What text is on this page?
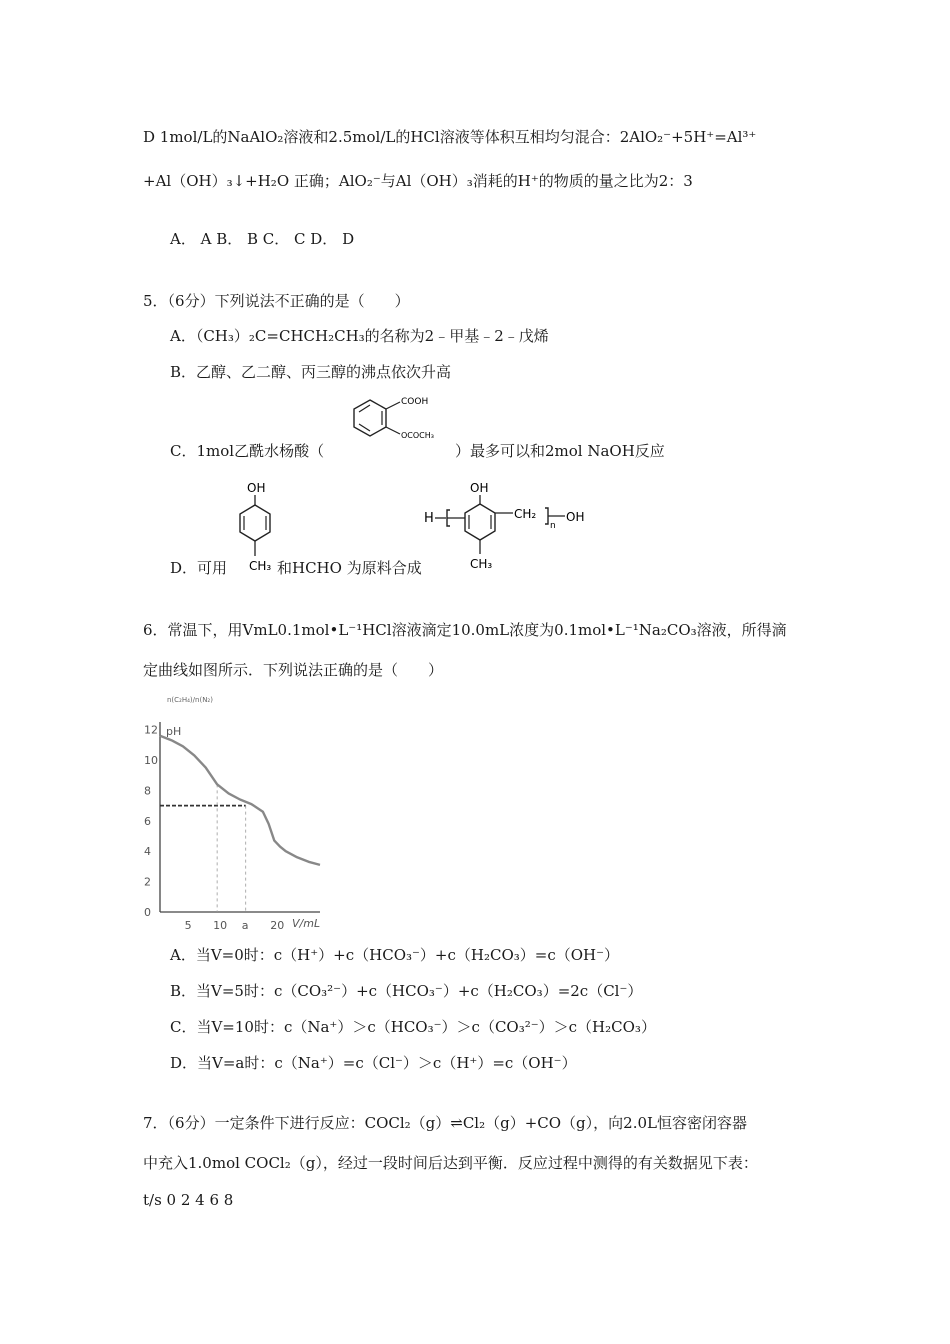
D 1mol/L的NaAlO₂溶液和2.5mol/L的HCl溶液等体积互相均匀混合：2AlO₂⁻+5H⁺=Al³⁺
+Al（OH）₃↓+H₂O 正确；AlO₂⁻与Al（OH）₃消耗的H⁺的物质的量之比为2：3
A． A B． B C． C D． D
5．（6分）下列说法不正确的是（　　）
A．（CH₃）₂C=CHCH₂CH₃的名称为2﹣甲基﹣2﹣戊烯
B．乙醇、乙二醇、丙三醇的沸点依次升高
C．1mol乙酰水杨酸（
COOH
OCOCH₃
）最多可以和2mol NaOH反应
D．可用
OH
CH₃ 和HCHO 为原料合成
H
OH
CH₂
n
OH
CH₃
6．常温下，用VmL0.1mol•L⁻¹HCl溶液滴定10.0mL浓度为0.1mol•L⁻¹Na₂CO₃溶液，所得滴
定曲线如图所示．下列说法正确的是（　　）
n(C₂H₄)/n(N₂)
pH
V/mL
12
10
8
6
4
2
0
5 10 a 20
A．当V=0时：c（H⁺）+c（HCO₃⁻）+c（H₂CO₃）=c（OH⁻）
B．当V=5时：c（CO₃²⁻）+c（HCO₃⁻）+c（H₂CO₃）=2c（Cl⁻）
C．当V=10时：c（Na⁺）＞c（HCO₃⁻）＞c（CO₃²⁻）＞c（H₂CO₃）
D．当V=a时：c（Na⁺）=c（Cl⁻）＞c（H⁺）=c（OH⁻）
7．（6分）一定条件下进行反应：COCl₂（g）⇌Cl₂（g）+CO（g），向2.0L恒容密闭容器
中充入1.0mol COCl₂（g），经过一段时间后达到平衡．反应过程中测得的有关数据见下表：
t/s 0 2 4 6 8
